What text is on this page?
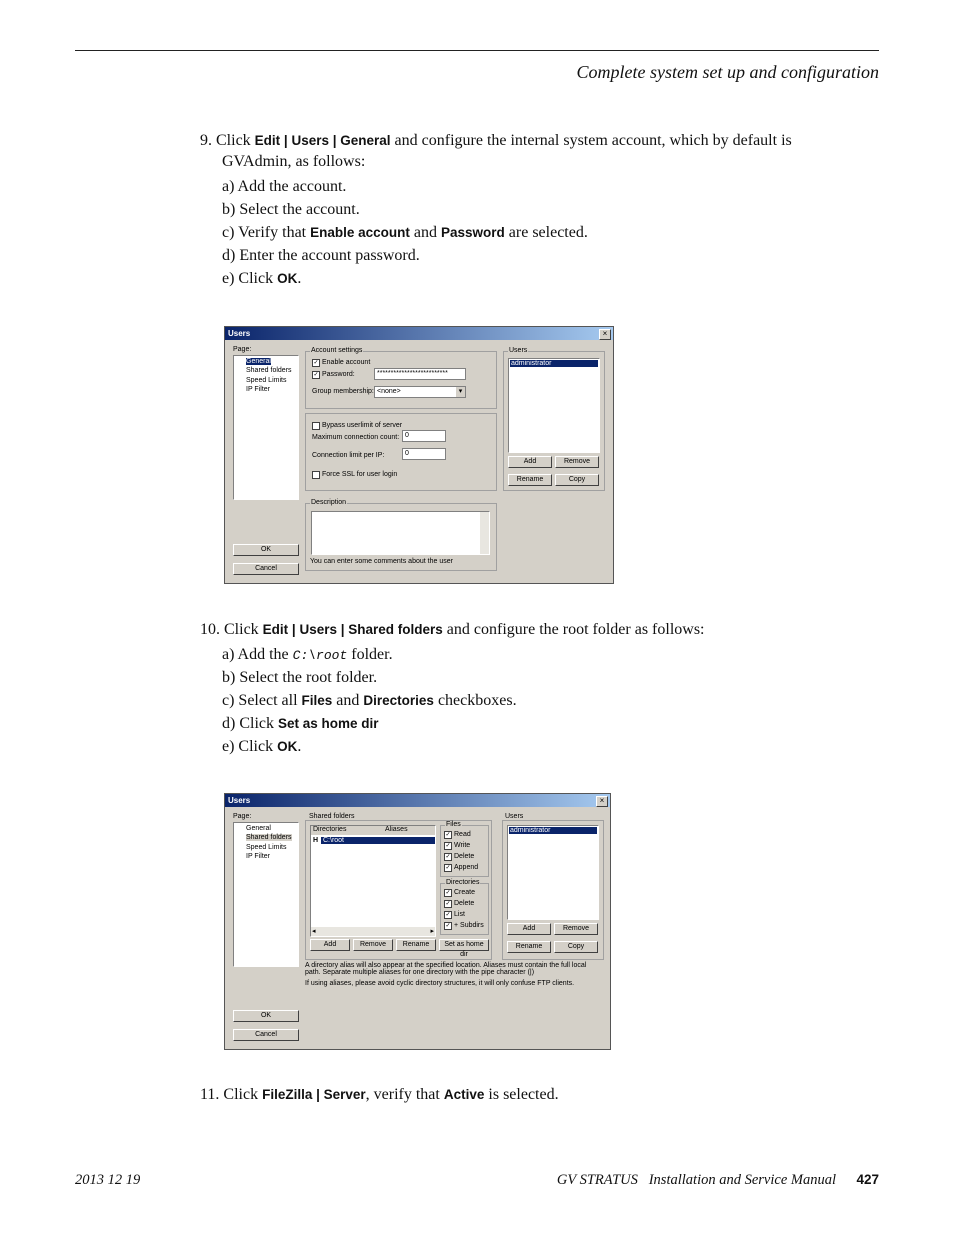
Complete system set up and configuration
9. Click Edit | Users | General and configure the internal system account, which by default is
GVAdmin, as follows:
a) Add the account.
b) Select the account.
c) Verify that Enable account and Password are selected.
d) Enter the account password.
e) Click OK.
Users	×
Page:
General
Shared folders
Speed Limits
IP Filter
OK
Cancel
Account settings
✓ Enable account
✓ Password:	**************************
Group membership: <none>	▾
Bypass userlimit of server
Maximum connection count: 0
Connection limit per IP:	0
Force SSL for user login
Description
You can enter some comments about the user
Users
administrator
Add	Remove
Rename	Copy
10. Click Edit | Users | Shared folders and configure the root folder as follows:
a) Add the C:\root folder.
b) Select the root folder.
c) Select all Files and Directories checkboxes.
d) Click Set as home dir
e) Click OK.
Users	×
Page:
General
Shared folders
Speed Limits
IP Filter
OK
Cancel
Shared folders
Directories	Aliases
H C:\root
◂	▸
Add	Remove	Rename	Set as home dir
Files
✓ Read
✓ Write
✓ Delete
✓ Append
Directories
✓ Create
✓ Delete
✓ List
✓ + Subdirs
Users
administrator
Add	Remove
Rename	Copy
A directory alias will also appear at the specified location. Aliases must contain the full local
path. Separate multiple aliases for one directory with the pipe character (|)
If using aliases, please avoid cyclic directory structures, it will only confuse FTP clients.
11. Click FileZilla | Server, verify that Active is selected.
2013 12 19	GV STRATUS   Installation and Service Manual 427
